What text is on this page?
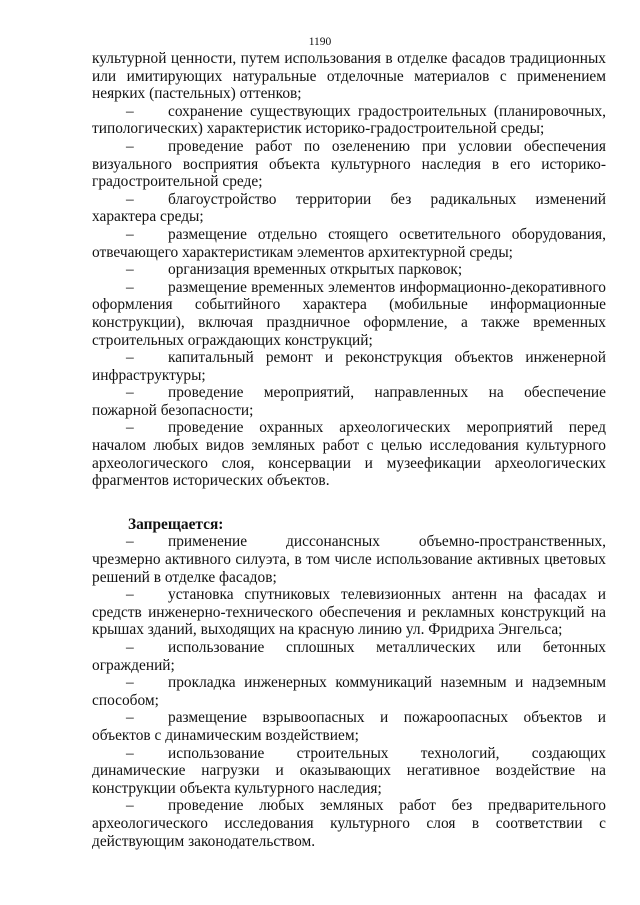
1190

культурной ценности, путем использования в отделке фасадов традиционных или имитирующих натуральные отделочные материалов с применением неярких (пастельных) оттенков;

– сохранение существующих градостроительных (планировочных, типологических) характеристик историко-градостроительной среды;

– проведение работ по озеленению при условии обеспечения визуального восприятия объекта культурного наследия в его историко-градостроительной среде;

– благоустройство территории без радикальных изменений характера среды;

– размещение отдельно стоящего осветительного оборудования, отвечающего характеристикам элементов архитектурной среды;

– организация временных открытых парковок;

– размещение временных элементов информационно-декоративного оформления событийного характера (мобильные информационные конструкции), включая праздничное оформление, а также временных строительных ограждающих конструкций;

– капитальный ремонт и реконструкция объектов инженерной инфраструктуры;

– проведение мероприятий, направленных на обеспечение пожарной безопасности;

– проведение охранных археологических мероприятий перед началом любых видов земляных работ с целью исследования культурного археологического слоя, консервации и музеефикации археологических фрагментов исторических объектов.

Запрещается:

– применение диссонансных объемно-пространственных, чрезмерно активного силуэта, в том числе использование активных цветовых решений в отделке фасадов;

– установка спутниковых телевизионных антенн на фасадах и средств инженерно-технического обеспечения и рекламных конструкций на крышах зданий, выходящих на красную линию ул. Фридриха Энгельса;

– использование сплошных металлических или бетонных ограждений;

– прокладка инженерных коммуникаций наземным и надземным способом;

– размещение взрывоопасных и пожароопасных объектов и объектов с динамическим воздействием;

– использование строительных технологий, создающих динамические нагрузки и оказывающих негативное воздействие на конструкции объекта культурного наследия;

– проведение любых земляных работ без предварительного археологического исследования культурного слоя в соответствии с действующим законодательством.
